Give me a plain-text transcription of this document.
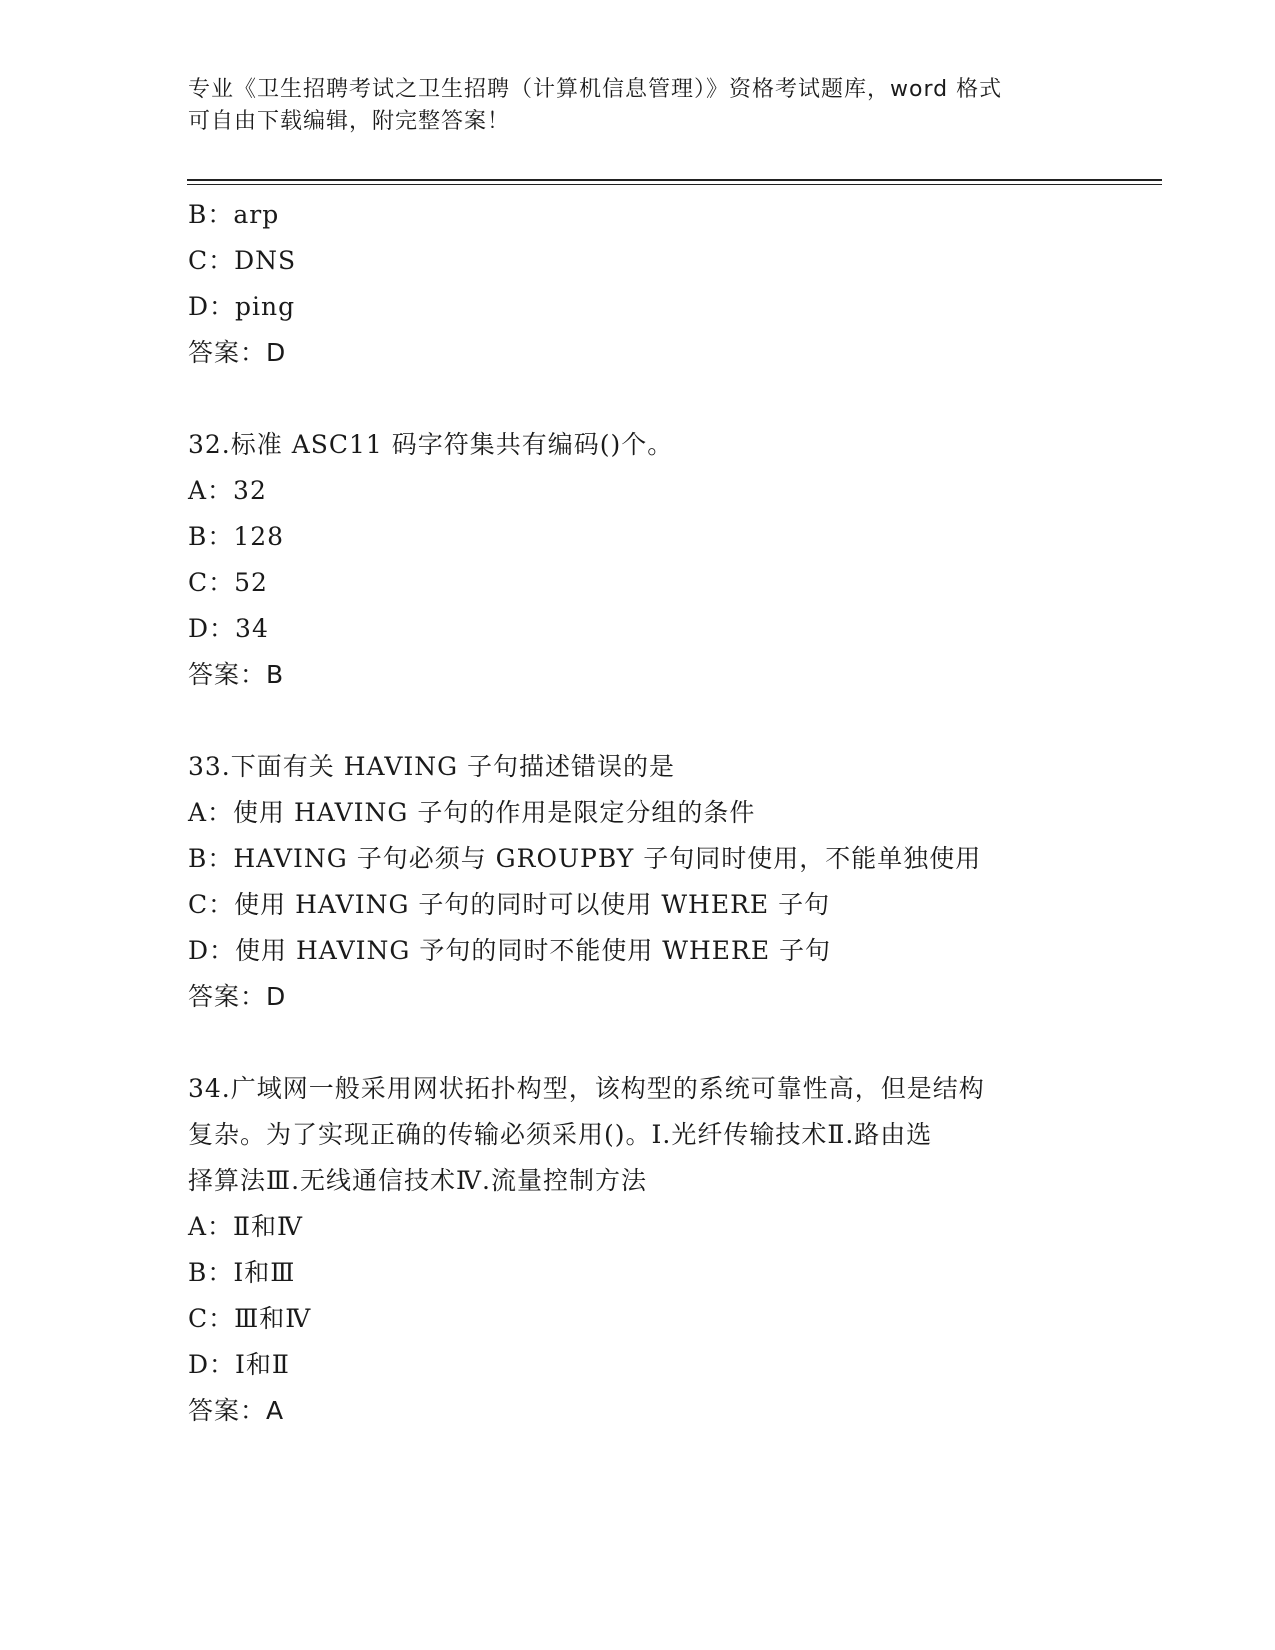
专业《卫生招聘考试之卫生招聘（计算机信息管理）》资格考试题库，word 格式
可自由下载编辑，附完整答案！
B：arp
C：DNS
D：ping
答案：D
32.标准 ASC11 码字符集共有编码()个。
A：32
B：128
C：52
D：34
答案：B
33.下面有关 HAVING 子句描述错误的是
A：使用 HAVING 子句的作用是限定分组的条件
B：HAVING 子句必须与 GROUPBY 子句同时使用，不能单独使用
C：使用 HAVING 子句的同时可以使用 WHERE 子句
D：使用 HAVING 予句的同时不能使用 WHERE 子句
答案：D
34.广域网一般采用网状拓扑构型，该构型的系统可靠性高，但是结构
复杂。为了实现正确的传输必须采用()。Ⅰ.光纤传输技术Ⅱ.路由选
择算法Ⅲ.无线通信技术Ⅳ.流量控制方法
A：Ⅱ和Ⅳ
B：Ⅰ和Ⅲ
C：Ⅲ和Ⅳ
D：Ⅰ和Ⅱ
答案：A
